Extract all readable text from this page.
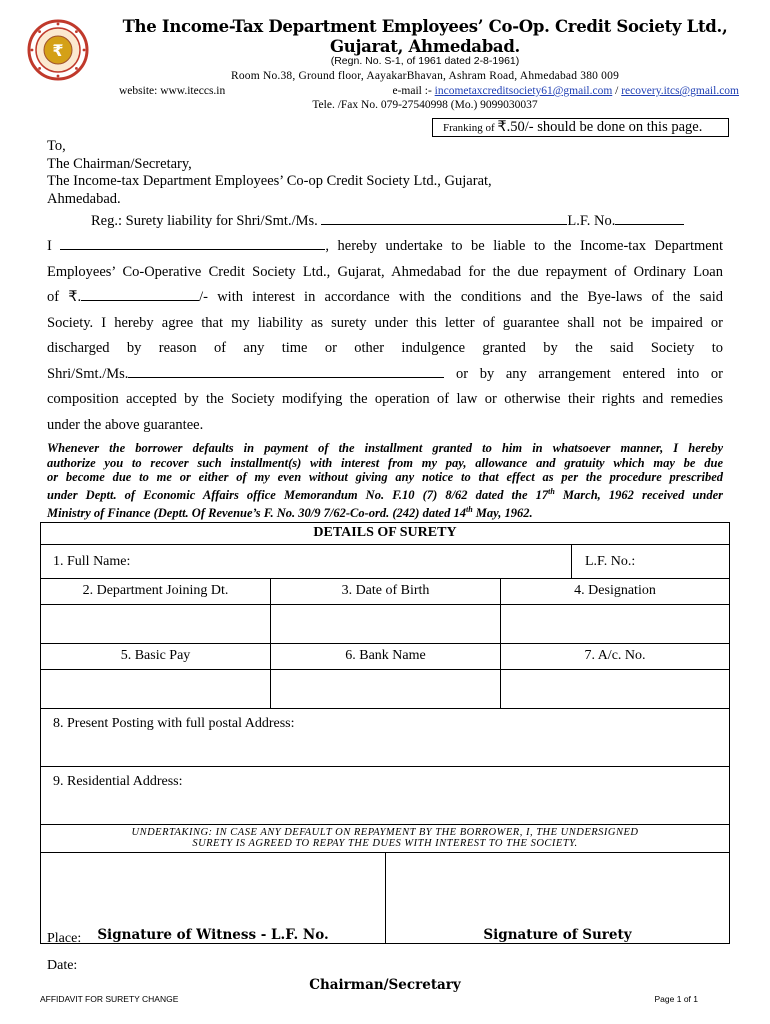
₹
The Income-Tax Department Employees’ Co-Op. Credit Society Ltd.,
Gujarat, Ahmedabad.
(Regn. No. S-1, of 1961 dated 2-8-1961)
Room No.38, Ground floor, AayakarBhavan, Ashram Road, Ahmedabad 380 009
website: www.iteccs.in	e-mail :- incometaxcreditsociety61@gmail.com / recovery.itcs@gmail.com
Tele. /Fax No. 079-27540998 (Mo.) 9099030037
Franking of ₹.50/- should be done on this page.
To,
The Chairman/Secretary,
The Income-tax Department Employees’ Co-op Credit Society Ltd., Gujarat,
Ahmedabad.
Reg.: Surety liability for Shri/Smt./Ms.	L.F. No.
I	, hereby undertake to be liable to the Income-tax Department
Employees’ Co-Operative Credit Society Ltd., Gujarat, Ahmedabad for the due repayment of Ordinary Loan
of ₹.	/- with interest in accordance with the conditions and the Bye-laws of the said
Society. I hereby agree that my liability as surety under this letter of guarantee shall not be impaired or
discharged by reason of any time or other indulgence granted by the said Society to
Shri/Smt./Ms.	or by any arrangement entered into or
composition accepted by the Society modifying the operation of law or otherwise their rights and remedies
under the above guarantee.
Whenever the borrower defaults in payment of the installment granted to him in whatsoever manner, I hereby
authorize you to recover such installment(s) with interest from my pay, allowance and gratuity which may be due
or become due to me or either of my even without giving any notice to that effect as per the procedure prescribed
under Deptt. of Economic Affairs office Memorandum No. F.10 (7) 8/62 dated the 17th March, 1962 received under
Ministry of Finance (Deptt. Of Revenue’s F. No. 30/9 7/62-Co-ord. (242) dated 14th May, 1962.
DETAILS OF SURETY
1. Full Name:	L.F. No.:
2. Department Joining Dt.	3. Date of Birth	4. Designation
5. Basic Pay	6. Bank Name	7. A/c. No.
8. Present Posting with full postal Address:
9. Residential Address:
UNDERTAKING: IN CASE ANY DEFAULT ON REPAYMENT BY THE BORROWER, I, THE UNDERSIGNED
SURETY IS AGREED TO REPAY THE DUES WITH INTEREST TO THE SOCIETY.
Signature of Witness - L.F. No.	Signature of Surety
Place:
Date:
Chairman/Secretary
AFFIDAVIT FOR SURETY CHANGE	Page 1 of 1
